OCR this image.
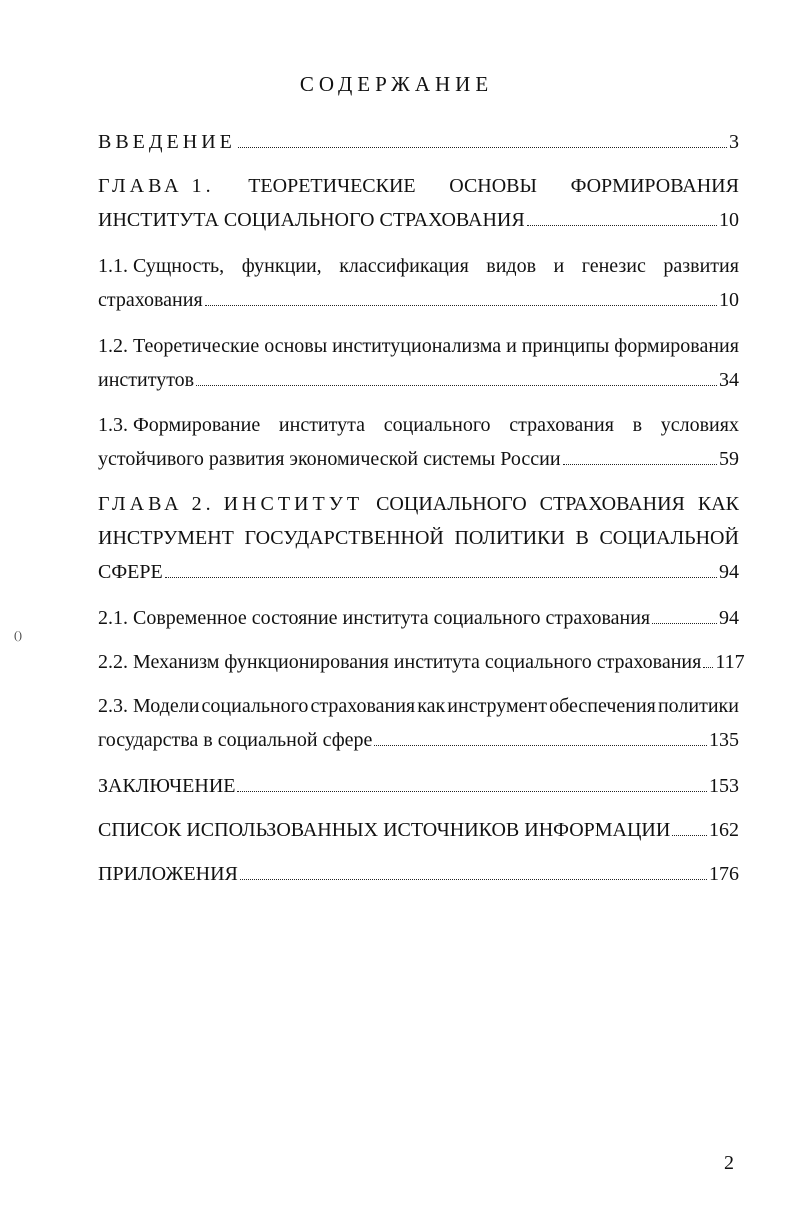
СОДЕРЖАНИЕ
ВВЕДЕНИЕ	3
ГЛАВА 1. ТЕОРЕТИЧЕСКИЕ ОСНОВЫ ФОРМИРОВАНИЯ
ИНСТИТУТА СОЦИАЛЬНОГО СТРАХОВАНИЯ	10
1.1. Сущность, функции, классификация видов и генезис развития
страхования	10
1.2. Теоретические основы институционализма и принципы формирования
институтов	34
1.3. Формирование института социального страхования в условиях
устойчивого развития экономической системы России	59
ГЛАВА 2. ИНСТИТУТ СОЦИАЛЬНОГО СТРАХОВАНИЯ КАК
ИНСТРУМЕНТ ГОСУДАРСТВЕННОЙ ПОЛИТИКИ В СОЦИАЛЬНОЙ
СФЕРЕ	94
2.1. Современное состояние института социального страхования	94
2.2. Механизм функционирования института социального страхования 117
2.3. Модели социального страхования как инструмент обеспечения политики
государства в социальной сфере	135
ЗАКЛЮЧЕНИЕ	153
СПИСОК ИСПОЛЬЗОВАННЫХ ИСТОЧНИКОВ ИНФОРМАЦИИ 162
ПРИЛОЖЕНИЯ	176
()
2
